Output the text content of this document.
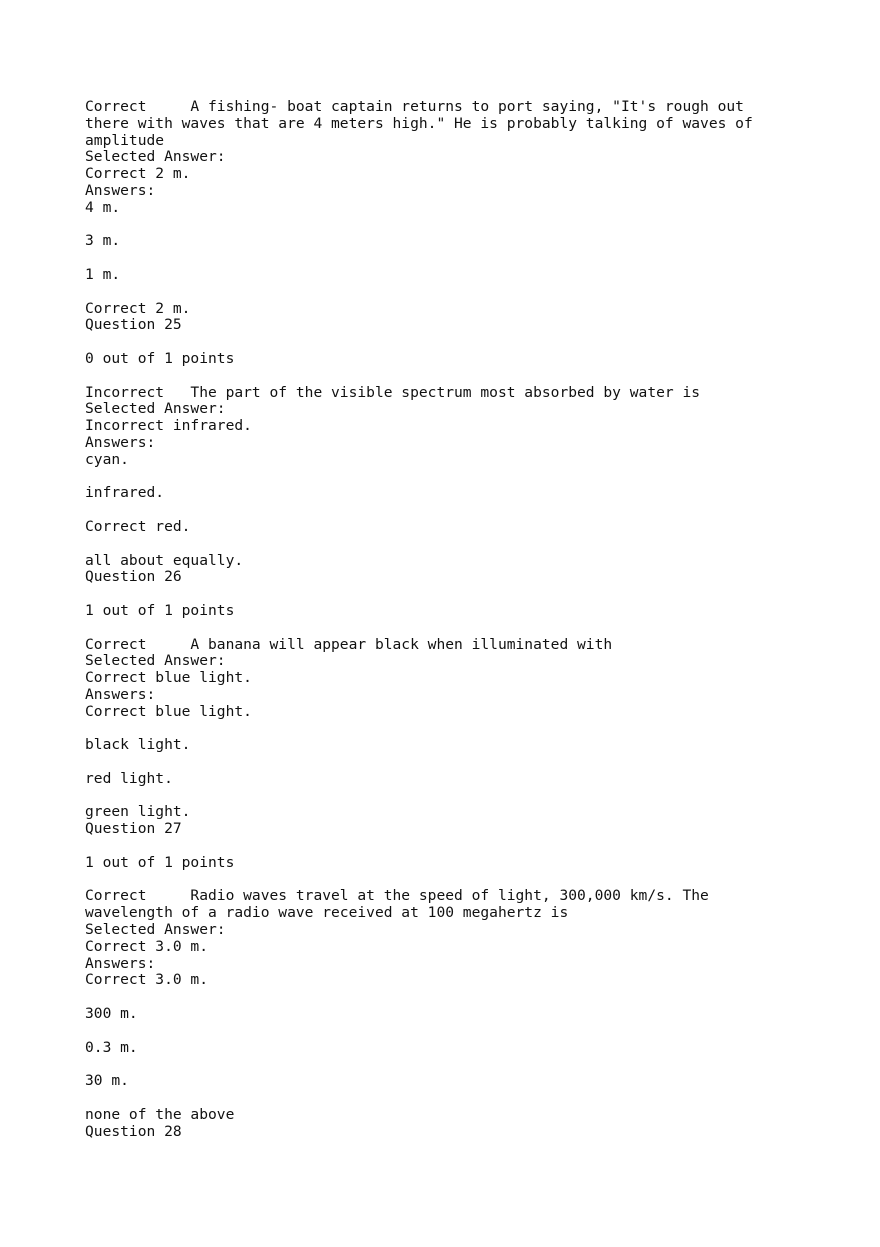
Correct     A fishing- boat captain returns to port saying, "It's rough out
there with waves that are 4 meters high." He is probably talking of waves of
amplitude
Selected Answer:
Correct 2 m.
Answers:
4 m.
3 m.
1 m.
Correct 2 m.
Question 25
0 out of 1 points
Incorrect   The part of the visible spectrum most absorbed by water is
Selected Answer:
Incorrect infrared.
Answers:
cyan.
infrared.
Correct red.
all about equally.
Question 26
1 out of 1 points
Correct     A banana will appear black when illuminated with
Selected Answer:
Correct blue light.
Answers:
Correct blue light.
black light.
red light.
green light.
Question 27
1 out of 1 points
Correct     Radio waves travel at the speed of light, 300,000 km/s. The
wavelength of a radio wave received at 100 megahertz is
Selected Answer:
Correct 3.0 m.
Answers:
Correct 3.0 m.
300 m.
0.3 m.
30 m.
none of the above
Question 28
